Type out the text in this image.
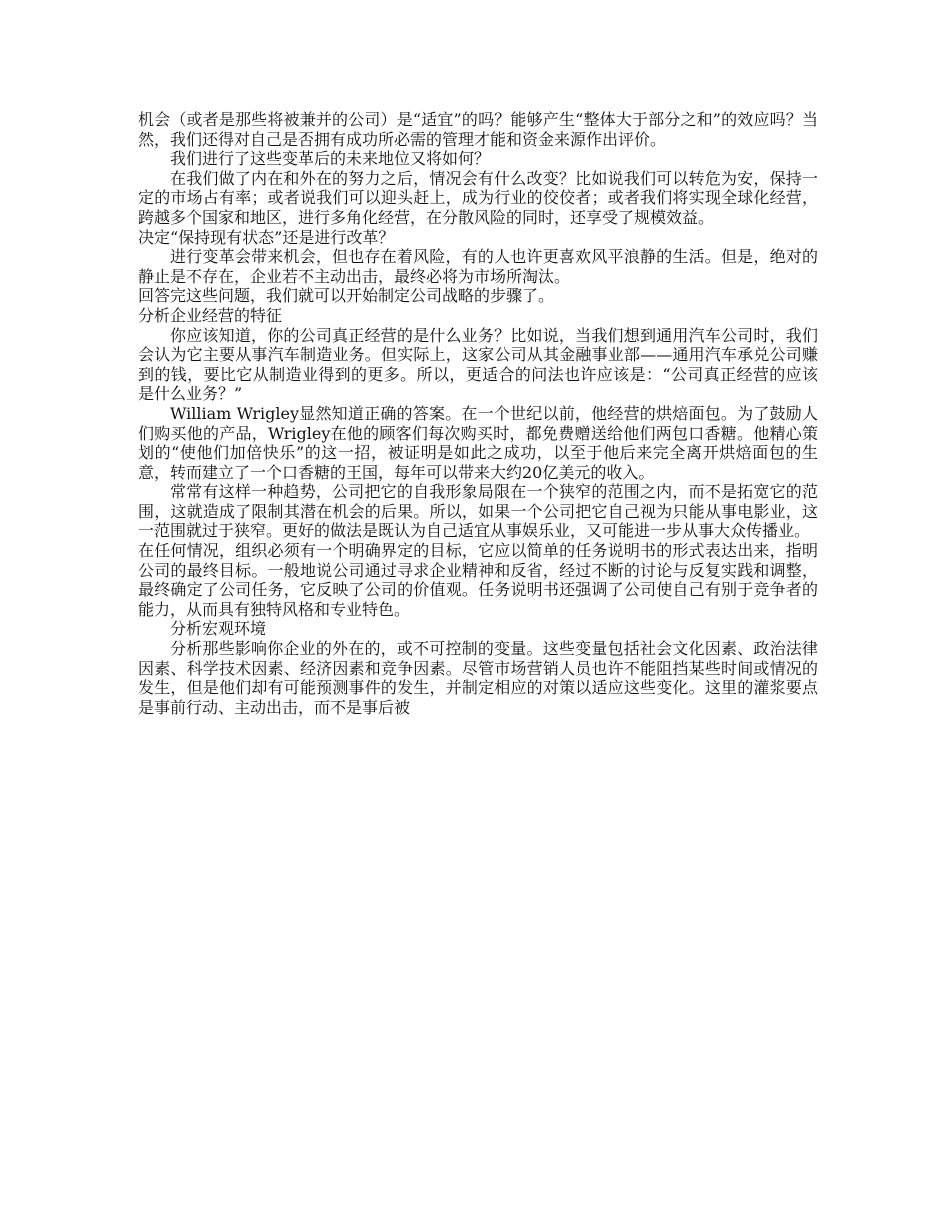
机会（或者是那些将被兼并的公司）是“适宜”的吗？能够产生“整体大于部分之和”的效应吗？当然，我们还得对自己是否拥有成功所必需的管理才能和资金来源作出评价。

我们进行了这些变革后的未来地位又将如何？

在我们做了内在和外在的努力之后，情况会有什么改变？比如说我们可以转危为安，保持一定的市场占有率；或者说我们可以迎头赶上，成为行业的佼佼者；或者我们将实现全球化经营，跨越多个国家和地区，进行多角化经营，在分散风险的同时，还享受了规模效益。

决定“保持现有状态”还是进行改革？

进行变革会带来机会，但也存在着风险，有的人也许更喜欢风平浪静的生活。但是，绝对的静止是不存在，企业若不主动出击，最终必将为市场所淘汰。

回答完这些问题，我们就可以开始制定公司战略的步骤了。

分析企业经营的特征

你应该知道，你的公司真正经营的是什么业务？比如说，当我们想到通用汽车公司时，我们会认为它主要从事汽车制造业务。但实际上，这家公司从其金融事业部——通用汽车承兑公司赚到的钱，要比它从制造业得到的更多。所以，更适合的问法也许应该是：“公司真正经营的应该是什么业务？”

William Wrigley显然知道正确的答案。在一个世纪以前，他经营的烘焙面包。为了鼓励人们购买他的产品，Wrigley在他的顾客们每次购买时，都免费赠送给他们两包口香糖。他精心策划的“使他们加倍快乐”的这一招，被证明是如此之成功，以至于他后来完全离开烘焙面包的生意，转而建立了一个口香糖的王国，每年可以带来大约20亿美元的收入。

常常有这样一种趋势，公司把它的自我形象局限在一个狭窄的范围之内，而不是拓宽它的范围，这就造成了限制其潜在机会的后果。所以，如果一个公司把它自己视为只能从事电影业，这一范围就过于狭窄。更好的做法是既认为自己适宜从事娱乐业，又可能进一步从事大众传播业。

在任何情况，组织必须有一个明确界定的目标，它应以简单的任务说明书的形式表达出来，指明公司的最终目标。一般地说公司通过寻求企业精神和反省，经过不断的讨论与反复实践和调整，最终确定了公司任务，它反映了公司的价值观。任务说明书还强调了公司使自己有别于竞争者的能力，从而具有独特风格和专业特色。

分析宏观环境

分析那些影响你企业的外在的，或不可控制的变量。这些变量包括社会文化因素、政治法律因素、科学技术因素、经济因素和竞争因素。尽管市场营销人员也许不能阻挡某些时间或情况的发生，但是他们却有可能预测事件的发生，并制定相应的对策以适应这些变化。这里的灌浆要点是事前行动、主动出击，而不是事后被
